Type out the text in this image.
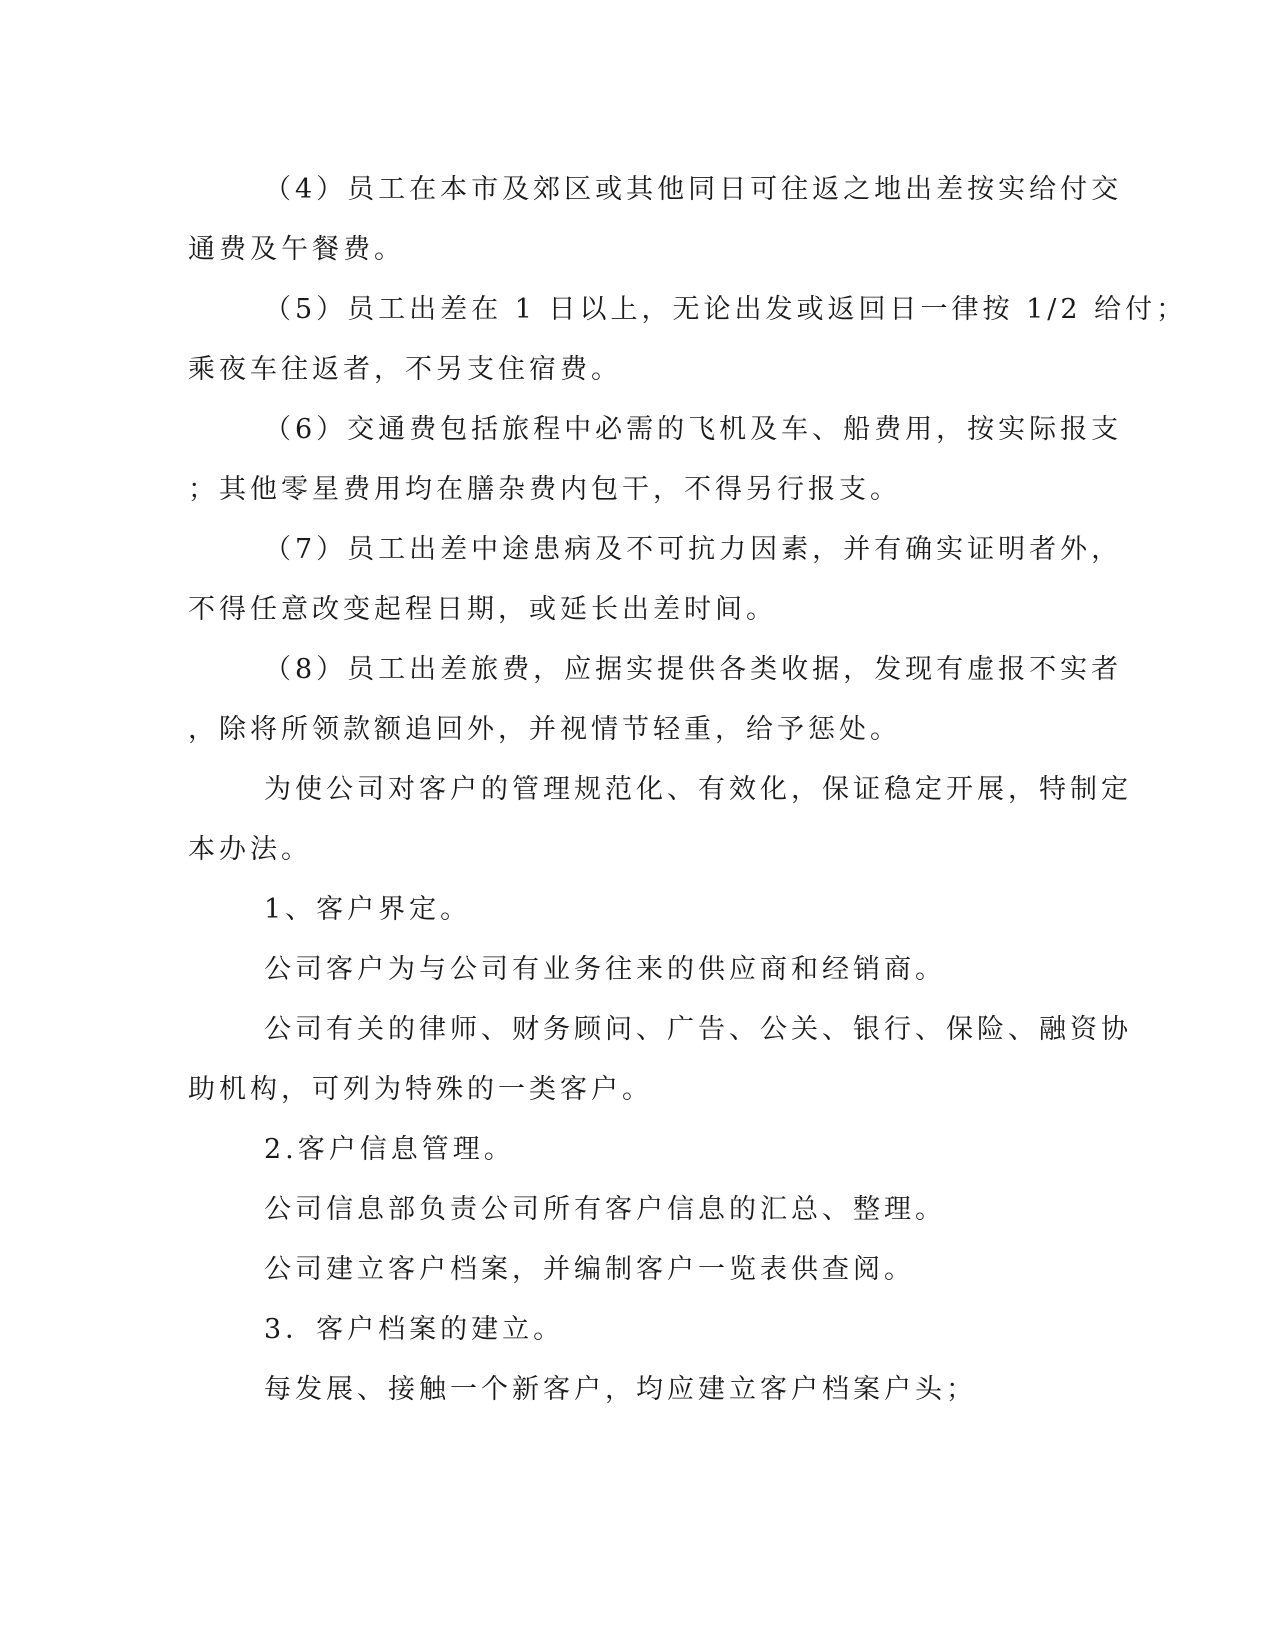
（4）员工在本市及郊区或其他同日可往返之地出差按实给付交

通费及午餐费。

（5）员工出差在 1 日以上，无论出发或返回日一律按 1/2 给付；

乘夜车往返者，不另支住宿费。

（6）交通费包括旅程中必需的飞机及车、船费用，按实际报支

；其他零星费用均在膳杂费内包干，不得另行报支。

（7）员工出差中途患病及不可抗力因素，并有确实证明者外，

不得任意改变起程日期，或延长出差时间。

（8）员工出差旅费，应据实提供各类收据，发现有虚报不实者

，除将所领款额追回外，并视情节轻重，给予惩处。

为使公司对客户的管理规范化、有效化，保证稳定开展，特制定

本办法。

1、客户界定。

公司客户为与公司有业务往来的供应商和经销商。

公司有关的律师、财务顾问、广告、公关、银行、保险、融资协

助机构，可列为特殊的一类客户。

2.客户信息管理。

公司信息部负责公司所有客户信息的汇总、整理。

公司建立客户档案，并编制客户一览表供查阅。

3．客户档案的建立。

每发展、接触一个新客户，均应建立客户档案户头；
